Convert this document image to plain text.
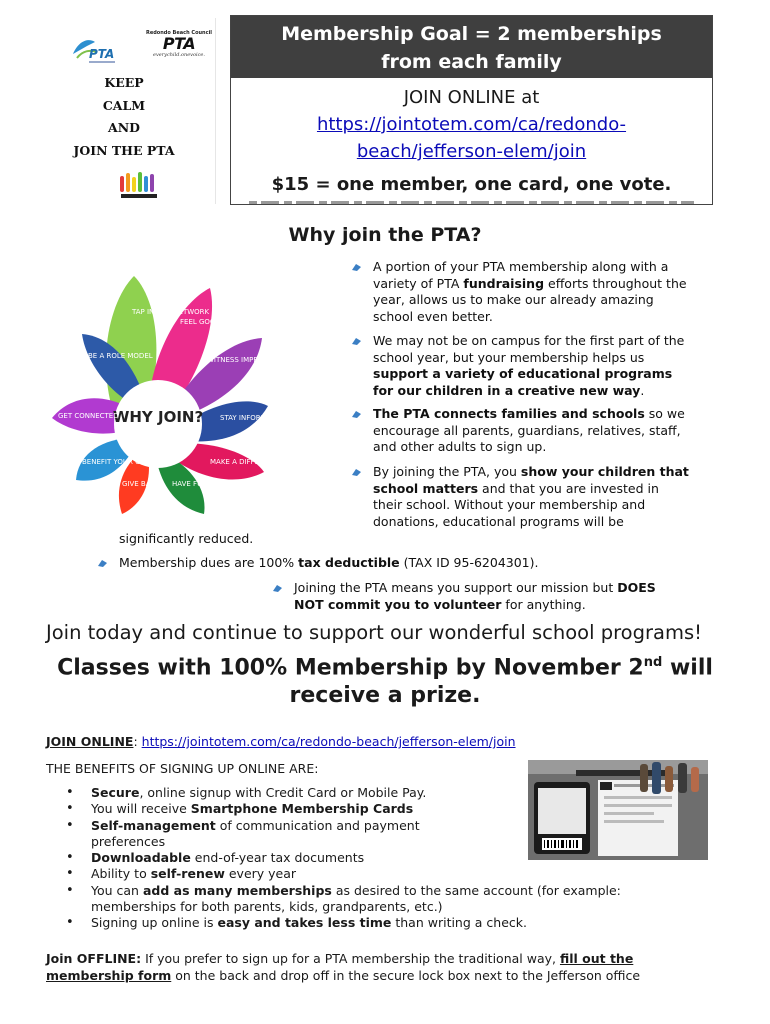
PTA
Redondo Beach Council
PTA
everychild.onevoice.
KEEP
CALM
AND
JOIN THE PTA
Membership Goal = 2 memberships
from each family
JOIN ONLINE at
https://jointotem.com/ca/redondo-
beach/jefferson-elem/join
$15 = one member, one card, one vote.
Why join the PTA?
WHY JOIN?
TAP INTO A NETWORK
FEEL GOOD
WITNESS IMPROVEMENT
STAY INFORMED
MAKE A DIFFERENCE
HAVE FUN
GIVE BACK
BENEFIT YOUR CHILD
GET CONNECTED
BE A ROLE MODEL
A portion of your PTA membership along with a
variety of PTA fundraising efforts throughout the
year, allows us to make our already amazing
school even better.
We may not be on campus for the first part of the
school year, but your membership helps us
support a variety of educational programs
for our children in a creative new way.
The PTA connects families and schools so we
encourage all parents, guardians, relatives, staff,
and other adults to sign up.
By joining the PTA, you show your children that
school matters and that you are invested in
their school. Without your membership and
donations, educational programs will be
significantly reduced.
Membership dues are 100% tax deductible (TAX ID 95-6204301).
Joining the PTA means you support our mission but DOES
NOT commit you to volunteer for anything.
Join today and continue to support our wonderful school programs!
Classes with 100% Membership by November 2nd will
receive a prize.
JOIN ONLINE: https://jointotem.com/ca/redondo-beach/jefferson-elem/join
THE BENEFITS OF SIGNING UP ONLINE ARE:
• Secure, online signup with Credit Card or Mobile Pay.
• You will receive Smartphone Membership Cards
• Self-management of communication and payment preferences
• Downloadable end-of-year tax documents
• Ability to self-renew every year
• You can add as many memberships as desired to the same account (for example: memberships for both parents, kids, grandparents, etc.)
• Signing up online is easy and takes less time than writing a check.
Join OFFLINE: If you prefer to sign up for a PTA membership the traditional way, fill out the
membership form on the back and drop off in the secure lock box next to the Jefferson office
